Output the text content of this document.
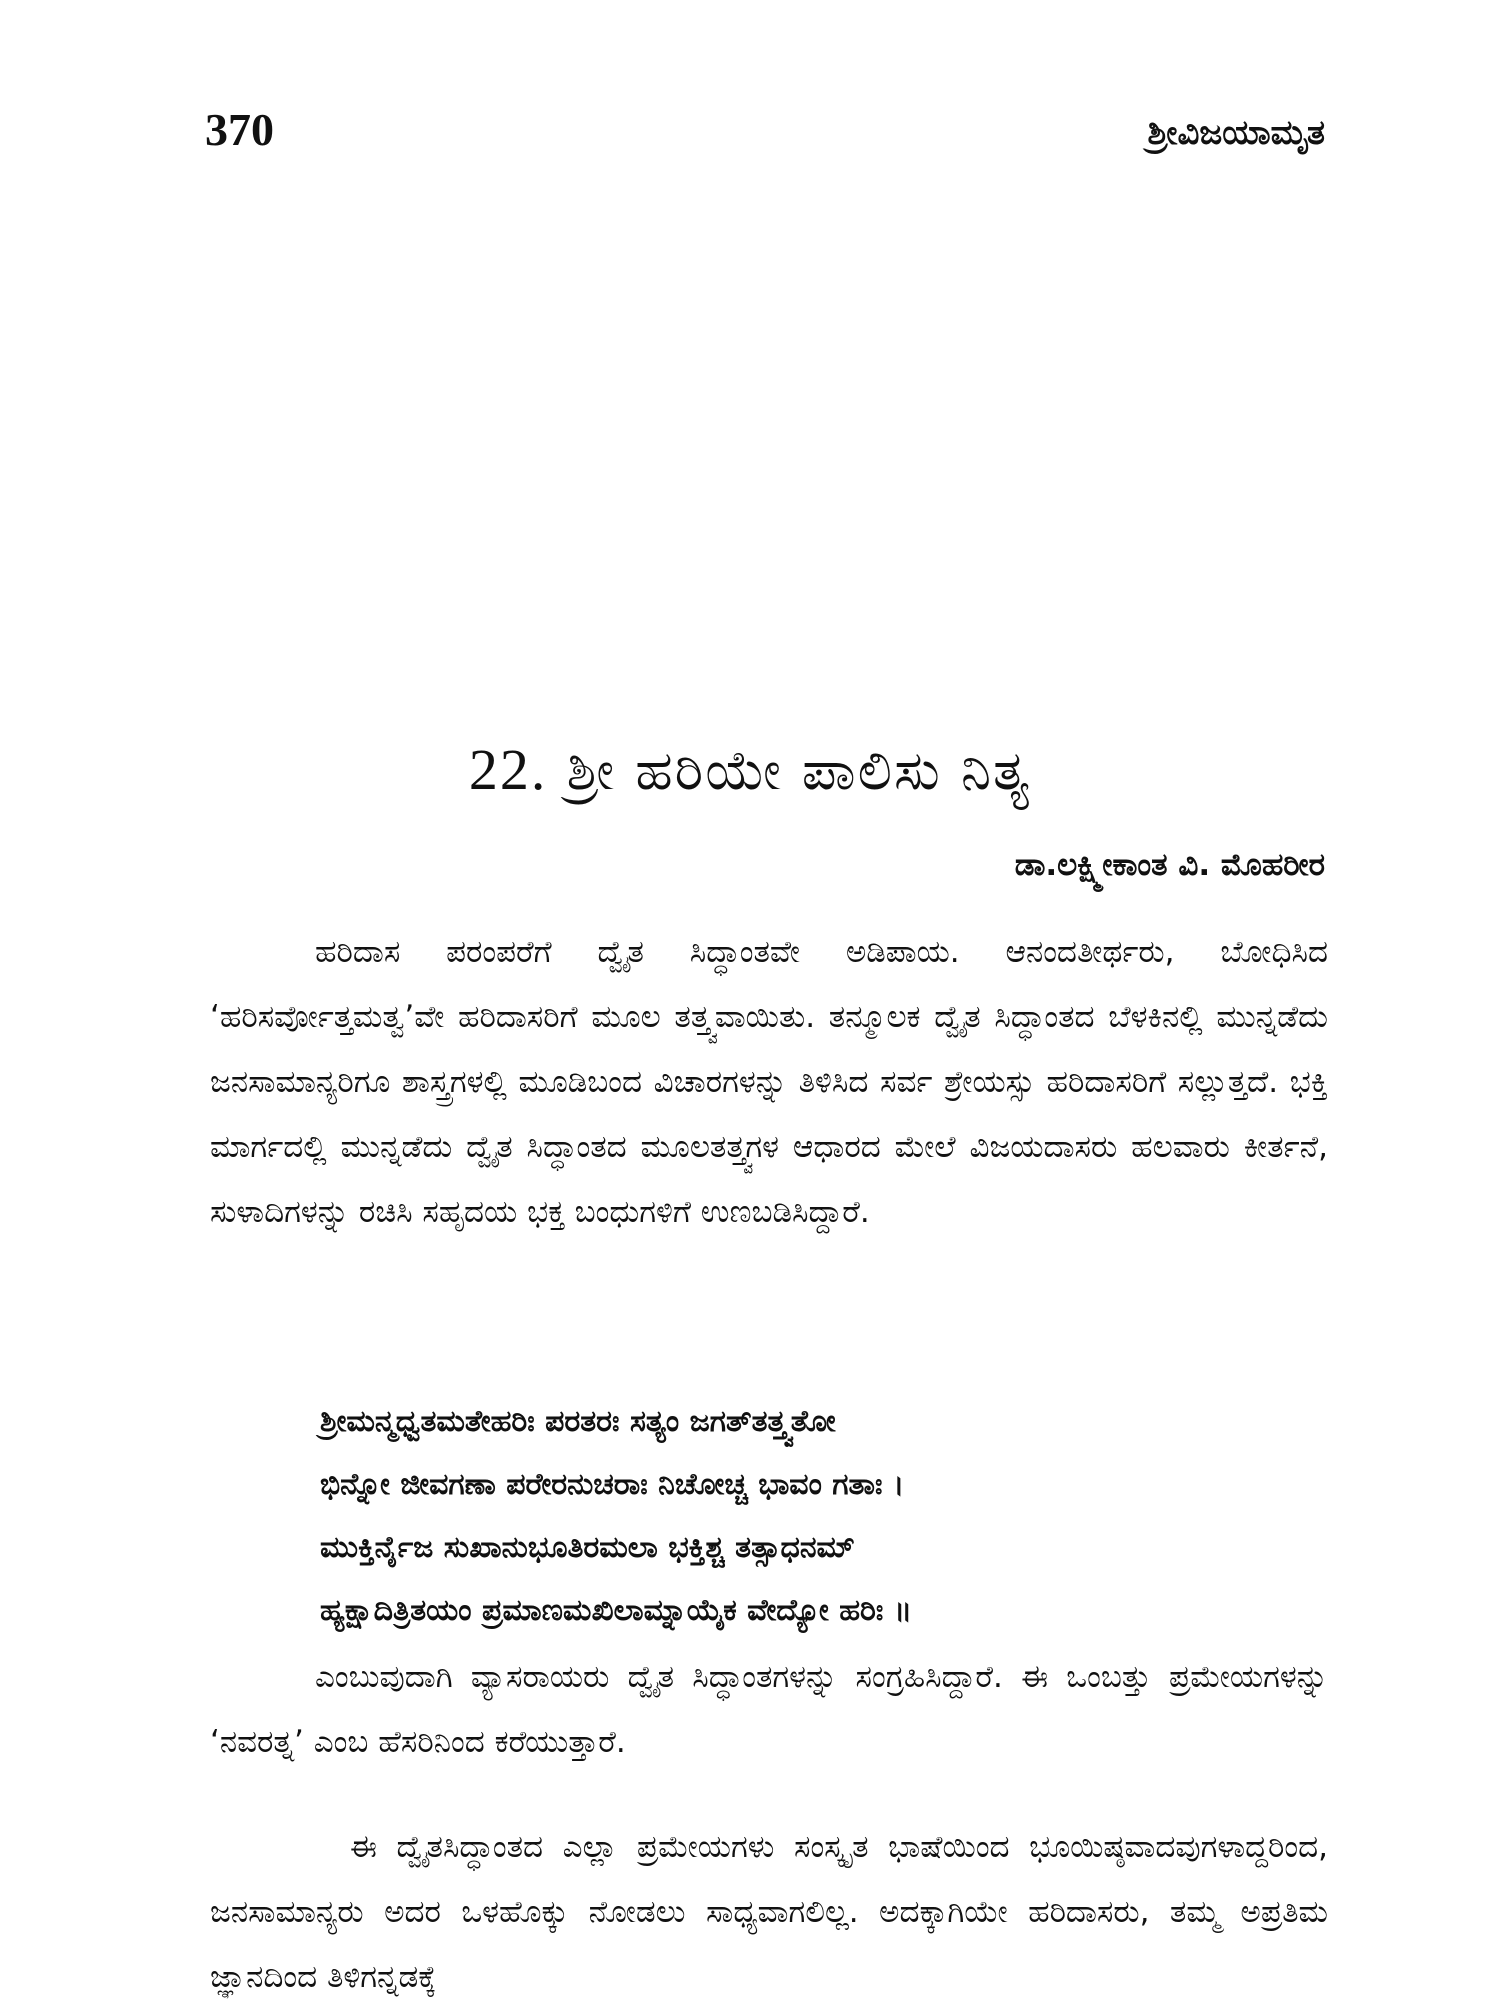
370	ಶ್ರೀವಿಜಯಾಮೃತ
22. ಶ್ರೀ ಹರಿಯೇ ಪಾಲಿಸು ನಿತ್ಯ
ಡಾ.ಲಕ್ಷ್ಮೀಕಾಂತ ವಿ. ಮೊಹರೀರ

ಹರಿದಾಸ ಪರಂಪರೆಗೆ ದ್ವೈತ ಸಿದ್ಧಾಂತವೇ ಅಡಿಪಾಯ. ಆನಂದತೀರ್ಥರು, ಬೋಧಿಸಿದ ‘ಹರಿಸರ್ವೋತ್ತಮತ್ವ’ವೇ ಹರಿದಾಸರಿಗೆ ಮೂಲ ತತ್ತ್ವವಾಯಿತು. ತನ್ಮೂಲಕ ದ್ವೈತ ಸಿದ್ಧಾಂತದ ಬೆಳಕಿನಲ್ಲಿ ಮುನ್ನಡೆದು ಜನಸಾಮಾನ್ಯರಿಗೂ ಶಾಸ್ತ್ರಗಳಲ್ಲಿ ಮೂಡಿಬಂದ ವಿಚಾರಗಳನ್ನು ತಿಳಿಸಿದ ಸರ್ವ ಶ್ರೇಯಸ್ಸು ಹರಿದಾಸರಿಗೆ ಸಲ್ಲುತ್ತದೆ. ಭಕ್ತಿ ಮಾರ್ಗದಲ್ಲಿ ಮುನ್ನಡೆದು ದ್ವೈತ ಸಿದ್ಧಾಂತದ ಮೂಲತತ್ತ್ವಗಳ ಆಧಾರದ ಮೇಲೆ ವಿಜಯದಾಸರು ಹಲವಾರು ಕೀರ್ತನೆ, ಸುಳಾದಿಗಳನ್ನು ರಚಿಸಿ ಸಹೃದಯ ಭಕ್ತ ಬಂಧುಗಳಿಗೆ ಉಣಬಡಿಸಿದ್ದಾರೆ.

ಶ್ರೀಮನ್ಮಧ್ವತಮತೇಹರಿಃ ಪರತರಃ ಸತ್ಯಂ ಜಗತ್‌ತತ್ತ್ವತೋ
ಭಿನ್ನೋ ಜೀವಗಣಾ ಪರೇರನುಚರಾಃ ನಿಚೋಚ್ಚ ಭಾವಂ ಗತಾಃ ।
ಮುಕ್ತಿರ್ನೈಜ ಸುಖಾನುಭೂತಿರಮಲಾ ಭಕ್ತಿಶ್ಚ ತತ್ಸಾಧನಮ್
ಹ್ಯಕ್ಷಾದಿತ್ರಿತಯಂ ಪ್ರಮಾಣಮಖಿಲಾಮ್ನಾಯೈಕ ವೇದ್ಯೋ ಹರಿಃ ॥

ಎಂಬುವುದಾಗಿ ವ್ಯಾಸರಾಯರು ದ್ವೈತ ಸಿದ್ಧಾಂತಗಳನ್ನು ಸಂಗ್ರಹಿಸಿದ್ದಾರೆ. ಈ ಒಂಬತ್ತು ಪ್ರಮೇಯಗಳನ್ನು ‘ನವರತ್ನ’ ಎಂಬ ಹೆಸರಿನಿಂದ ಕರೆಯುತ್ತಾರೆ.

ಈ ದ್ವೈತಸಿದ್ಧಾಂತದ ಎಲ್ಲಾ ಪ್ರಮೇಯಗಳು ಸಂಸ್ಕೃತ ಭಾಷೆಯಿಂದ ಭೂಯಿಷ್ಠವಾದವುಗಳಾದ್ದರಿಂದ, ಜನಸಾಮಾನ್ಯರು ಅದರ ಒಳಹೊಕ್ಕು ನೋಡಲು ಸಾಧ್ಯವಾಗಲಿಲ್ಲ. ಅದಕ್ಕಾಗಿಯೇ ಹರಿದಾಸರು, ತಮ್ಮ ಅಪ್ರತಿಮ ಜ್ಞಾನದಿಂದ ತಿಳಿಗನ್ನಡಕ್ಕೆ
